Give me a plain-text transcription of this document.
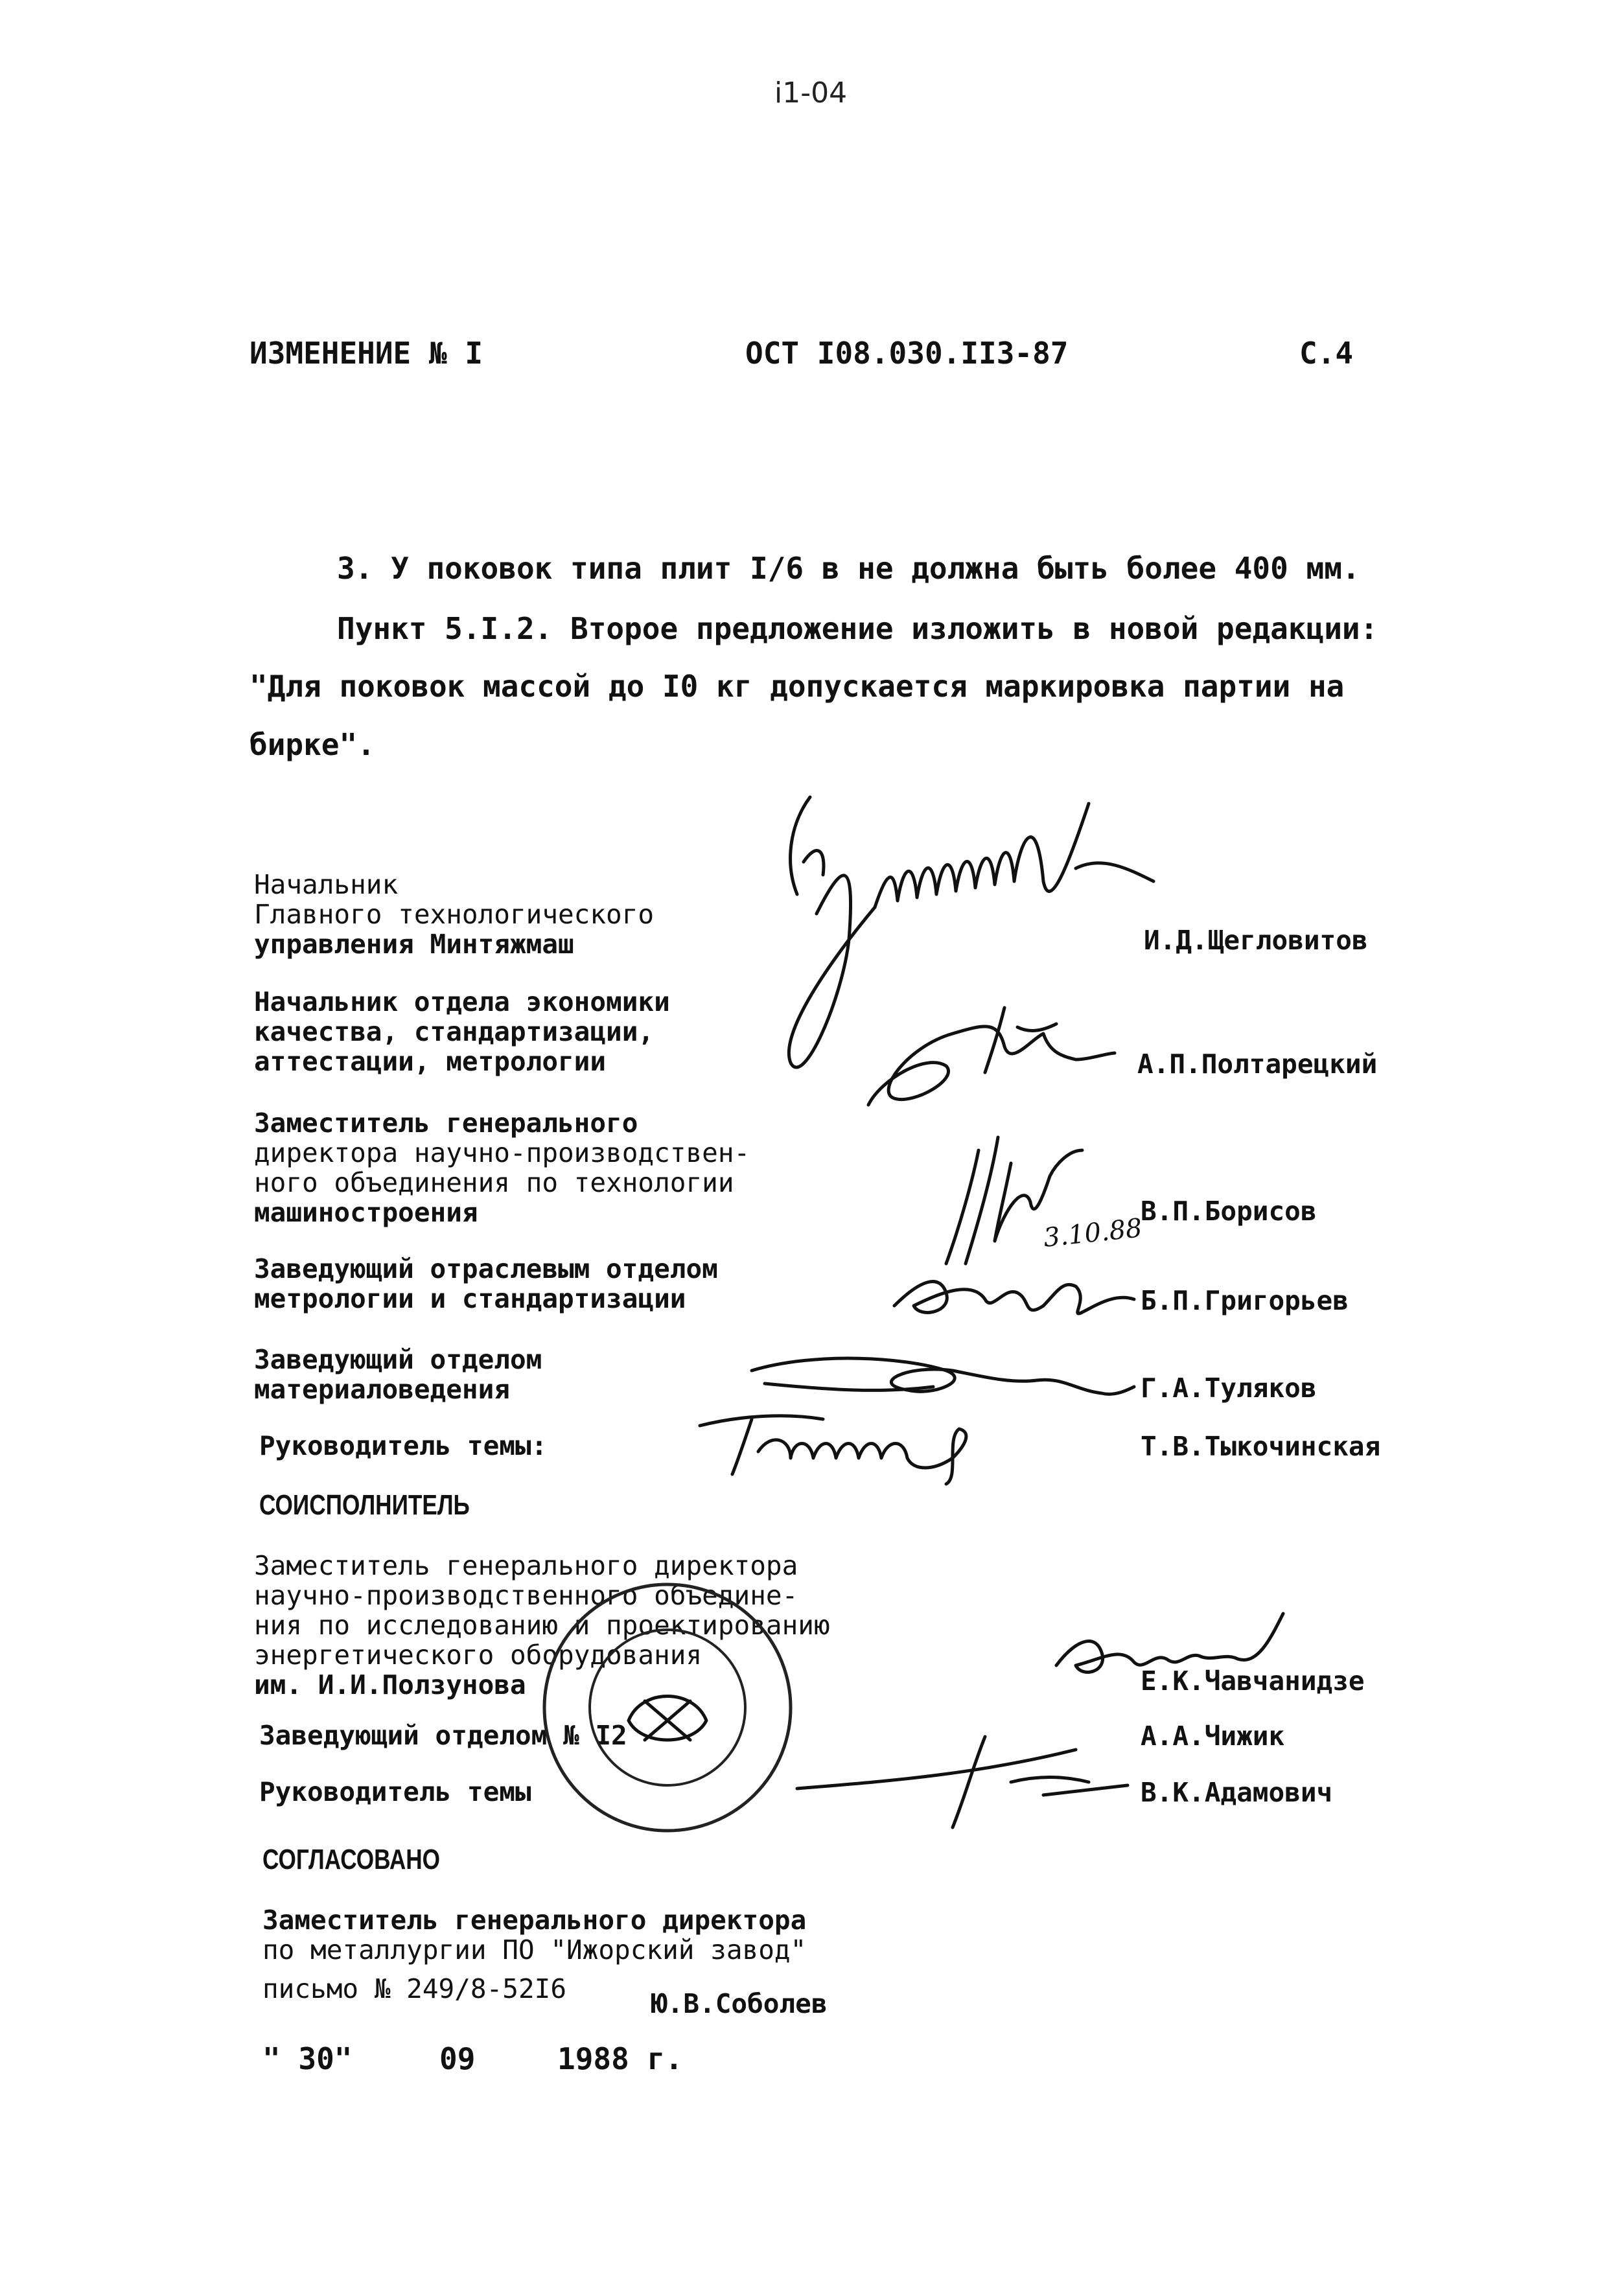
i1-04
ИЗМЕНЕНИЕ № I	ОСТ I08.030.II3-87	С.4
3. У поковок типа плит I/6 в не должна быть более 400 мм.
Пункт 5.I.2. Второе предложение изложить в новой редакции:
"Для поковок массой до I0 кг допускается маркировка партии на
бирке".
Начальник
Главного технологического
управления Минтяжмаш	И.Д.Щегловитов
Начальник отдела экономики
качества, стандартизации,
аттестации, метрологии	А.П.Полтарецкий
Заместитель генерального
директора научно-производствен-
ного объединения по технологии
машиностроения	В.П.Борисов
Заведующий отраслевым отделом
метрологии и стандартизации	Б.П.Григорьев
Заведующий отделом
материаловедения	Г.А.Туляков
Руководитель темы:	Т.В.Тыкочинская
СОИСПОЛНИТЕЛЬ
Заместитель генерального директора
научно-производственного объедине-
ния по исследованию и проектированию
энергетического оборудования
им. И.И.Ползунова	Е.К.Чавчанидзе
Заведующий отделом № I2	А.А.Чижик
Руководитель темы	В.К.Адамович
СОГЛАСОВАНО
Заместитель генерального директора
по металлургии ПО "Ижорский завод"
письмо № 249/8-52I6	Ю.В.Соболев
" 30"	09	1988 г.
3.10.88
